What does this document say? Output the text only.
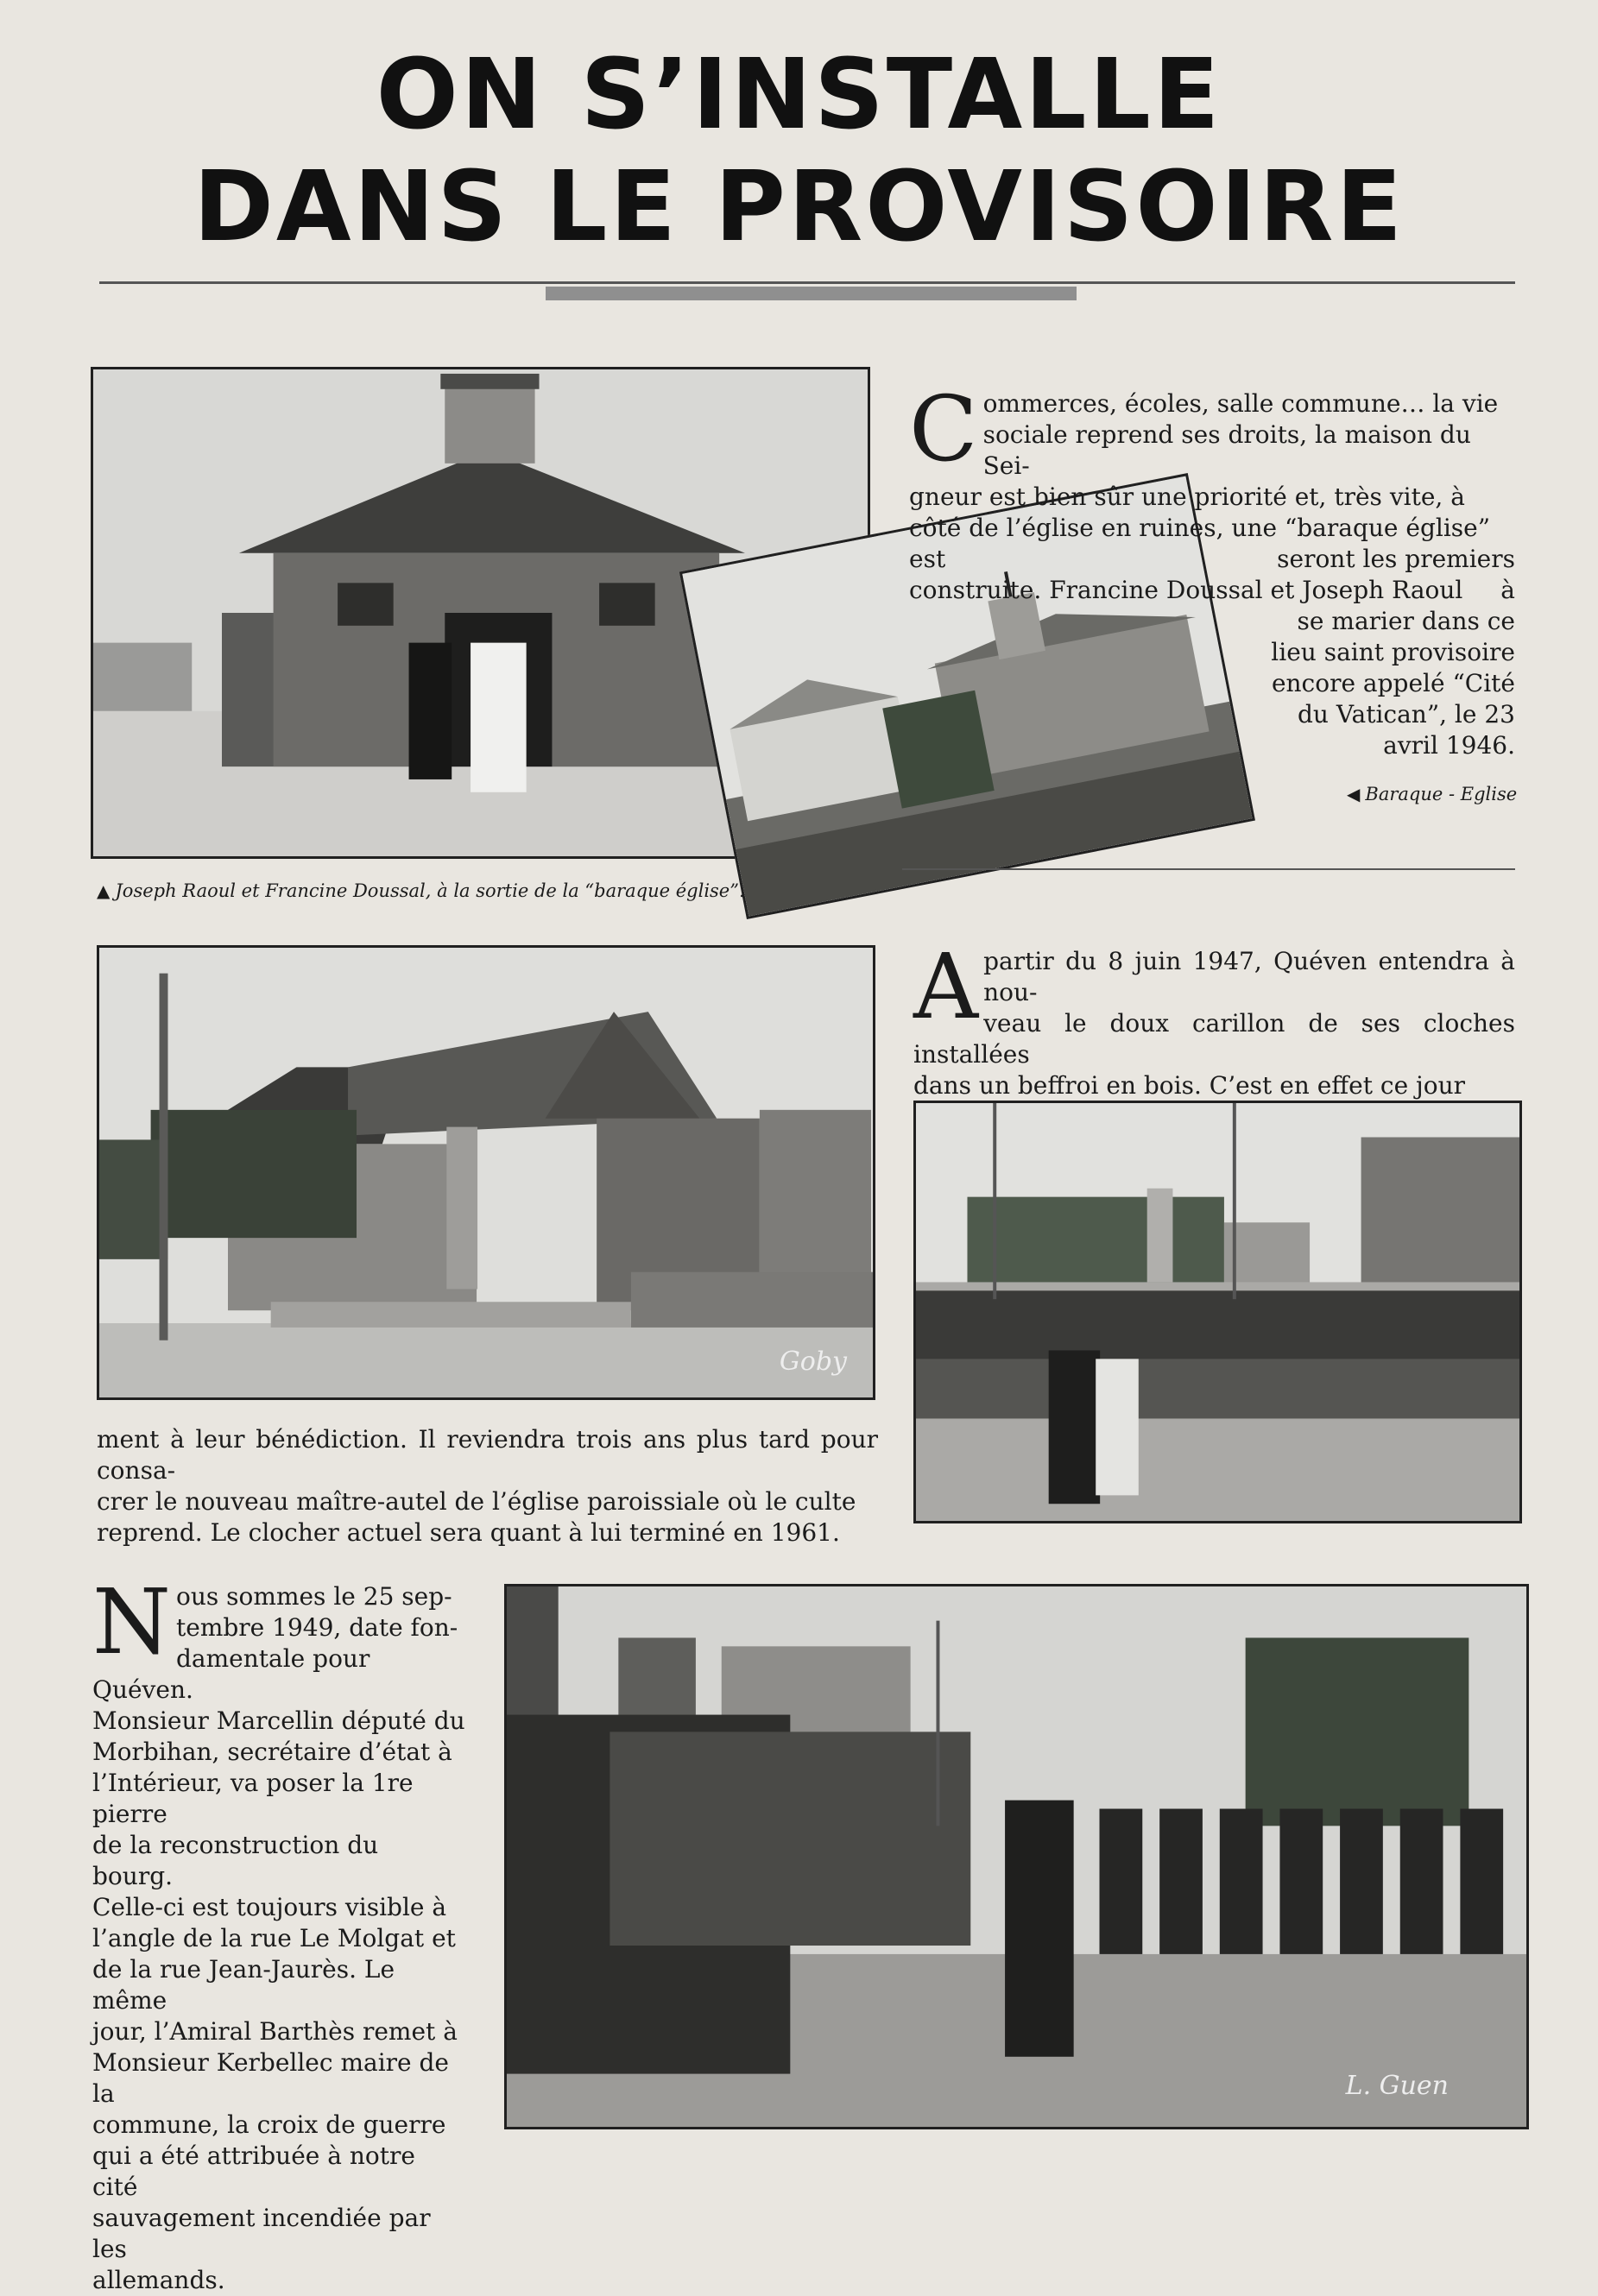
ON S’INSTALLE
DANS LE PROVISOIRE

C ommerces, écoles, salle commune… la vie
sociale reprend ses droits, la maison du Sei-
gneur est bien sûr une priorité et, très vite, à
côté de l’église en ruines, une “baraque église” est
construite. Francine Doussal et Joseph Raoul

seront les premiers à
se marier dans ce
lieu saint provisoire
encore appelé “Cité
du Vatican”, le 23
avril 1946.

◀ Baraque - Eglise

▲ Joseph Raoul et Francine Doussal, à la sortie de la “baraque église”.

Goby

A partir du 8 juin 1947, Quéven entendra à nou-
veau le doux carillon de ses cloches installées
dans un beffroi en bois. C’est en effet ce jour

ment à leur bénédiction. Il reviendra trois ans plus tard pour consa-
crer le nouveau maître-autel de l’église paroissiale où le culte
reprend. Le clocher actuel sera quant à lui terminé en 1961.

N ous sommes le 25 sep-
tembre 1949, date fon-
damentale pour Quéven.
Monsieur Marcellin député du
Morbihan, secrétaire d’état à
l’Intérieur, va poser la 1re pierre
de la reconstruction du bourg.
Celle-ci est toujours visible à
l’angle de la rue Le Molgat et
de la rue Jean-Jaurès. Le même
jour, l’Amiral Barthès remet à
Monsieur Kerbellec maire de la
commune, la croix de guerre
qui a été attribuée à notre cité
sauvagement incendiée par les
allemands.

L. Guen
